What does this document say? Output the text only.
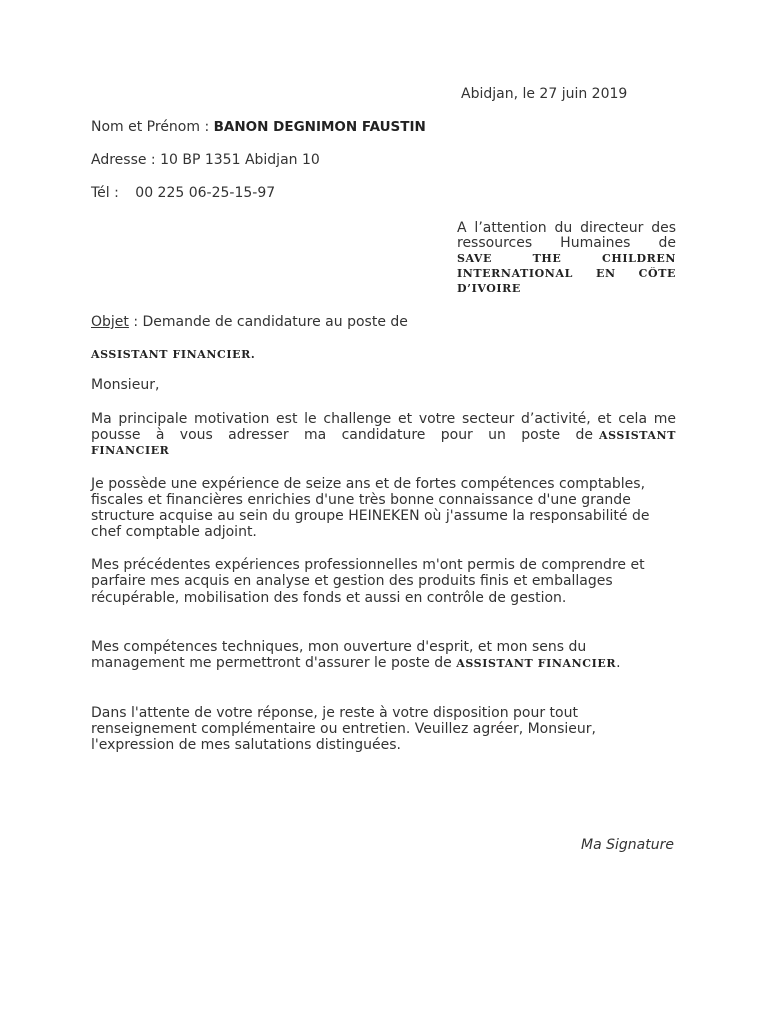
Abidjan, le 27 juin 2019
Nom et Prénom : BANON DEGNIMON FAUSTIN
Adresse : 10 BP 1351 Abidjan 10
Tél : 00 225 06-25-15-97
A l’attention du directeur des
ressources Humaines de
SAVE THE CHILDREN
INTERNATIONAL EN CÔTE
D’IVOIRE
Objet : Demande de candidature au poste de
ASSISTANT FINANCIER.
Monsieur,
Ma principale motivation est le challenge et votre secteur d’activité, et cela me
pousse à vous adresser ma candidature pour un poste de ASSISTANT
FINANCIER
Je possède une expérience de seize ans et de fortes compétences comptables,
fiscales et financières enrichies d'une très bonne connaissance d'une grande
structure acquise au sein du groupe HEINEKEN où j'assume la responsabilité de
chef comptable adjoint.
Mes précédentes expériences professionnelles m'ont permis de comprendre et
parfaire mes acquis en analyse et gestion des produits finis et emballages
récupérable, mobilisation des fonds et aussi en contrôle de gestion.
Mes compétences techniques, mon ouverture d'esprit, et mon sens du
management me permettront d'assurer le poste de ASSISTANT FINANCIER.
Dans l'attente de votre réponse, je reste à votre disposition pour tout
renseignement complémentaire ou entretien. Veuillez agréer, Monsieur,
l'expression de mes salutations distinguées.
Ma Signature
